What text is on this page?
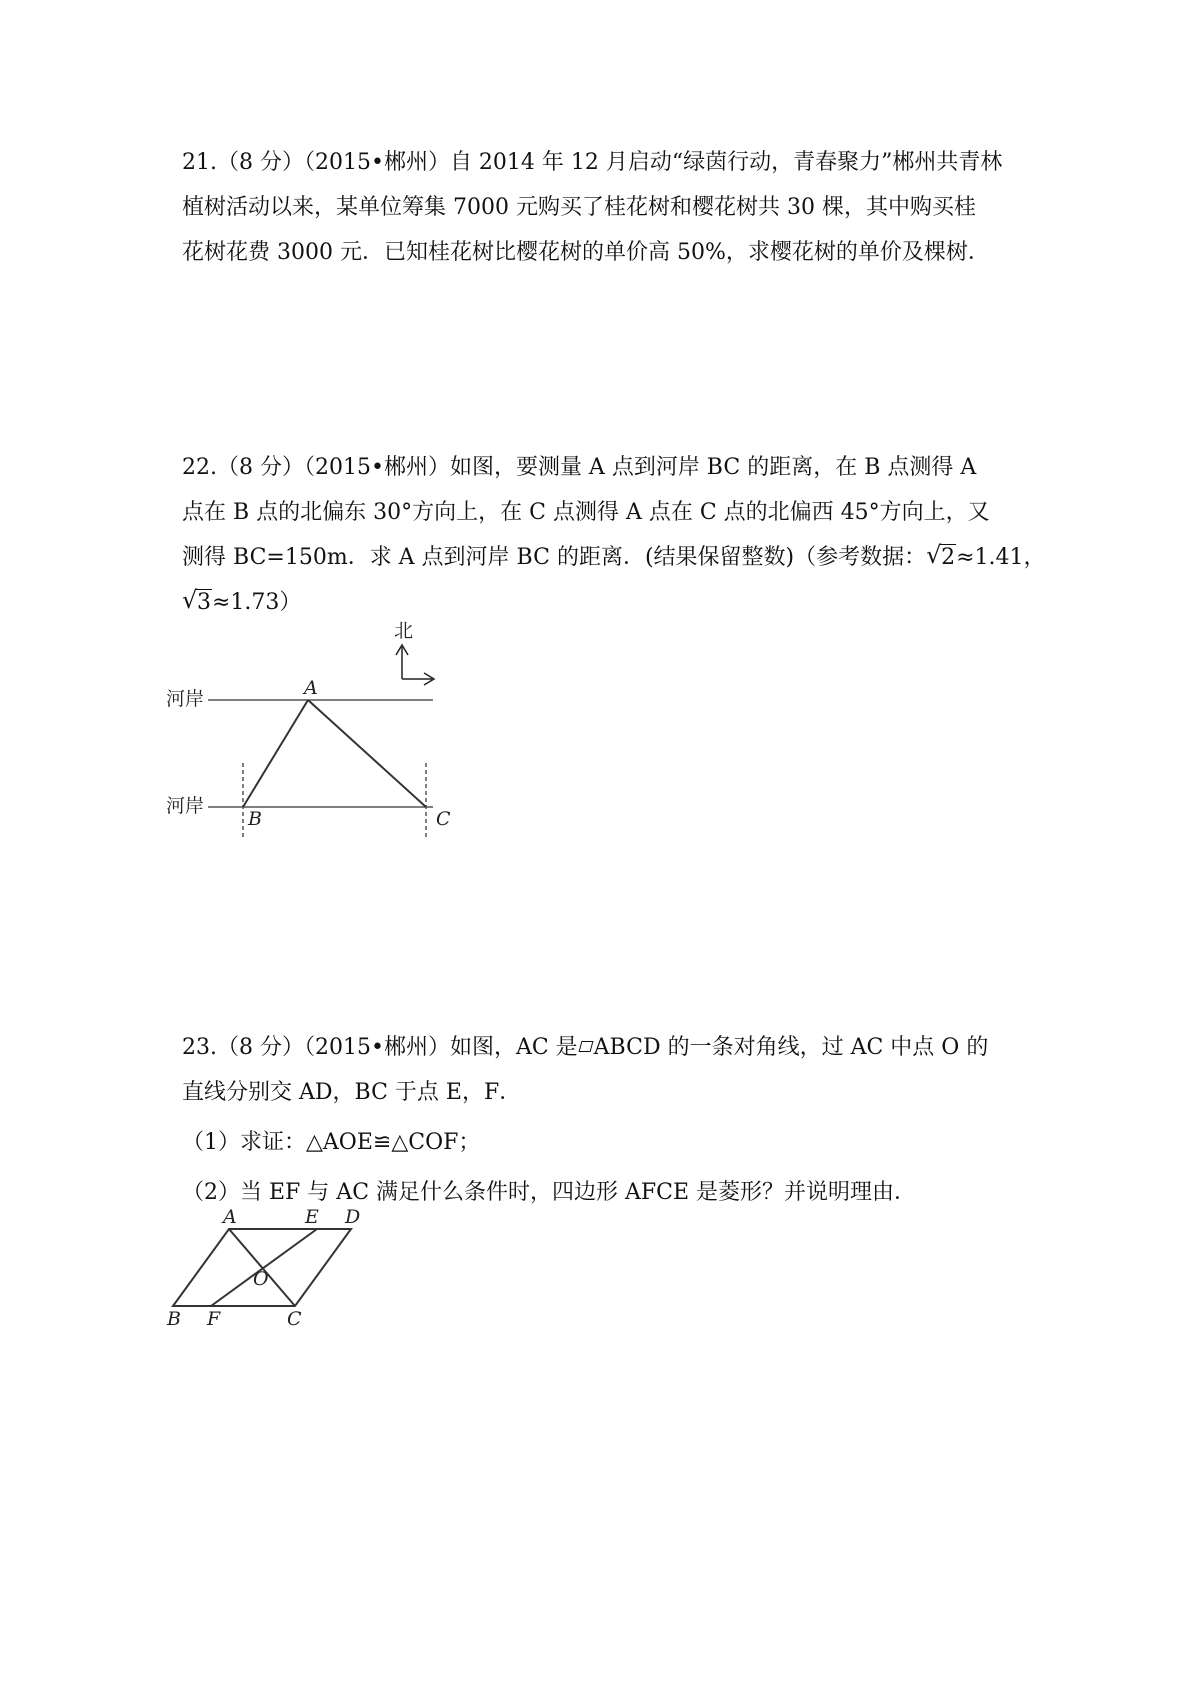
21.（8 分）（2015•郴州）自 2014 年 12 月启动“绿茵行动，青春聚力”郴州共青林
植树活动以来，某单位筹集 7000 元购买了桂花树和樱花树共 30 棵，其中购买桂
花树花费 3000 元．已知桂花树比樱花树的单价高 50%，求樱花树的单价及棵树．
22.（8 分）（2015•郴州）如图，要测量 A 点到河岸 BC 的距离，在 B 点测得 A
点在 B 点的北偏东 30°方向上，在 C 点测得 A 点在 C 点的北偏西 45°方向上，又
测得 BC=150m．求 A 点到河岸 BC 的距离．(结果保留整数)（参考数据： √ 2≈1.41，
√ 3≈1.73）
北
河岸
河岸
A
B	C
23.（8 分）（2015•郴州）如图，AC 是 ABCD 的一条对角线，过 AC 中点 O 的
直线分别交 AD，BC 于点 E，F．
（1）求证：△AOE≌△COF；
（2）当 EF 与 AC 满足什么条件时，四边形 AFCE 是菱形？并说明理由．
A	E D
O
B F	C
